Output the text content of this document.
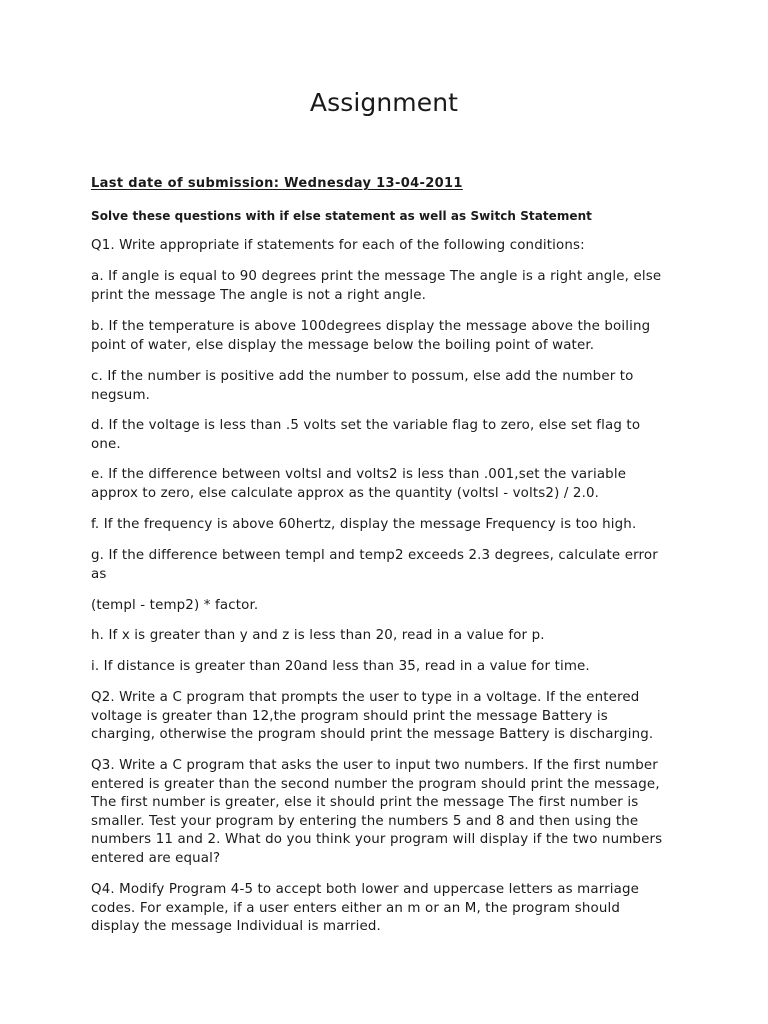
Assignment
Last date of submission: Wednesday 13-04-2011
Solve these questions with if else statement as well as Switch Statement
Q1. Write appropriate if statements for each of the following conditions:
a. If angle is equal to 90 degrees print the message The angle is a right angle, else
print the message The angle is not a right angle.
b. If the temperature is above 100degrees display the message above the boiling
point of water, else display the message below the boiling point of water.
c. If the number is positive add the number to possum, else add the number to
negsum.
d. If the voltage is less than .5 volts set the variable flag to zero, else set flag to
one.
e. If the difference between voltsl and volts2 is less than .001,set the variable
approx to zero, else calculate approx as the quantity (voltsl - volts2) / 2.0.
f. If the frequency is above 60hertz, display the message Frequency is too high.
g. If the difference between templ and temp2 exceeds 2.3 degrees, calculate error
as
(templ - temp2) * factor.
h. If x is greater than y and z is less than 20, read in a value for p.
i. If distance is greater than 20and less than 35, read in a value for time.
Q2. Write a C program that prompts the user to type in a voltage. If the entered
voltage is greater than 12,the program should print the message Battery is
charging, otherwise the program should print the message Battery is discharging.
Q3. Write a C program that asks the user to input two numbers. If the first number
entered is greater than the second number the program should print the message,
The first number is greater, else it should print the message The first number is
smaller. Test your program by entering the numbers 5 and 8 and then using the
numbers 11 and 2. What do you think your program will display if the two numbers
entered are equal?
Q4. Modify Program 4-5 to accept both lower and uppercase letters as marriage
codes. For example, if a user enters either an m or an M, the program should
display the message Individual is married.
